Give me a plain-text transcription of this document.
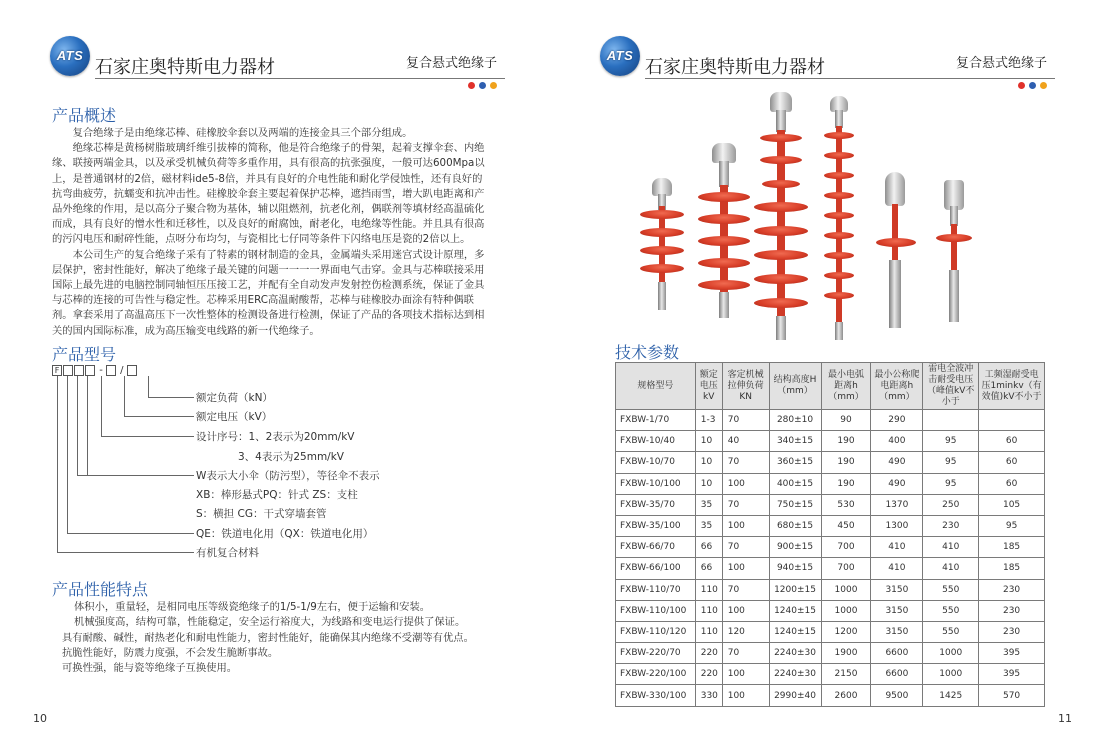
ATS
石家庄奥特斯电力器材	复合悬式绝缘子
产品概述

复合绝缘子是由绝缘芯棒、硅橡胶伞套以及两端的连接金具三个部分组成。

绝缘芯棒是黄杨树脂玻璃纤维引拔棒的简称，他是符合绝缘子的骨架，起着支撑伞套、内绝缘、联接两端金具，以及承受机械负荷等多重作用，具有很高的抗张强度，一般可达600Mpa以上，是普通钢材的2倍，磁材料ide5-8倍，并具有良好的介电性能和耐化学侵蚀性，还有良好的抗弯曲疲劳，抗蠕变和抗冲击性。硅橡胶伞套主要起着保护芯棒，遮挡雨雪，增大趴电距离和产品外绝缘的作用，是以高分子聚合物为基体，辅以阻燃剂，抗老化剂，偶联剂等填材经高温硫化而成，具有良好的憎水性和迁移性，以及良好的耐腐蚀，耐老化，电绝缘等性能。并且具有很高的污闪电压和耐碎性能，点呀分布均匀，与瓷相比七仔同等条件下闪络电压是瓷的2倍以上。

本公司生产的复合绝缘子采有了特素的钢材制造的金具，金属端头采用迷宫式设计原理，多层保护，密封性能好，解决了绝缘子最关键的问题一一一一界面电气击穿。金具与芯棒联接采用国际上最先进的电脑控制同轴恒压压接工艺，并配有全自动发声发射控伤检测系统，保证了金具与芯棒的连接的可告性与稳定性。芯棒采用ERC高温耐酸帮，芯棒与硅橡胶办面涂有特种偶联剂。拿套采用了高温高压下一次性整体的检测设备进行检测，保证了产品的各项技术指标达到相关的国内国际标准，成为高压输变电线路的新一代绝缘子。

产品型号
F	- /
额定负荷（kN）
额定电压（kV）
设计序号：1、2表示为20mm/kV
3、4表示为25mm/kV
W表示大小伞（防污型），等径伞不表示
XB：棒形悬式PQ：针式 ZS：支柱
S：横担 CG：干式穿墙套管
QE：铁道电化用（QX：铁道电化用）
有机复合材料
产品性能特点
体积小，重量轻，是相同电压等级瓷绝缘子的1/5-1/9左右，便于运输和安装。
机械强度高，结构可靠，性能稳定，安全运行裕度大，为线路和变电运行提供了保证。
具有耐酸、碱性，耐热老化和耐电性能力，密封性能好，能确保其内绝缘不受潮等有优点。
抗脆性能好，防震力度强，不会发生脆断事故。
可换性强，能与瓷等绝缘子互换使用。
10
ATS
石家庄奥特斯电力器材	复合悬式绝缘子
11
技术参数
规格型号	额定电压kV	客定机械拉伸负荷KN	结构高度H（mm）	最小电弧距离h（mm）	最小公称爬电距离h（mm）	雷电全波冲击耐受电压（峰值kV不小于	工频湿耐受电压1minkv（有效值)kV不小于
FXBW-1/70	1-3	70	280±10	90	290		
FXBW-10/40	10	40	340±15	190	400	95	60
FXBW-10/70	10	70	360±15	190	490	95	60
FXBW-10/100	10	100	400±15	190	490	95	60
FXBW-35/70	35	70	750±15	530	1370	250	105
FXBW-35/100	35	100	680±15	450	1300	230	95
FXBW-66/70	66	70	900±15	700	410	410	185
FXBW-66/100	66	100	940±15	700	410	410	185
FXBW-110/70	110	70	1200±15	1000	3150	550	230
FXBW-110/100	110	100	1240±15	1000	3150	550	230
FXBW-110/120	110	120	1240±15	1200	3150	550	230
FXBW-220/70	220	70	2240±30	1900	6600	1000	395
FXBW-220/100	220	100	2240±30	2150	6600	1000	395
FXBW-330/100	330	100	2990±40	2600	9500	1425	570
